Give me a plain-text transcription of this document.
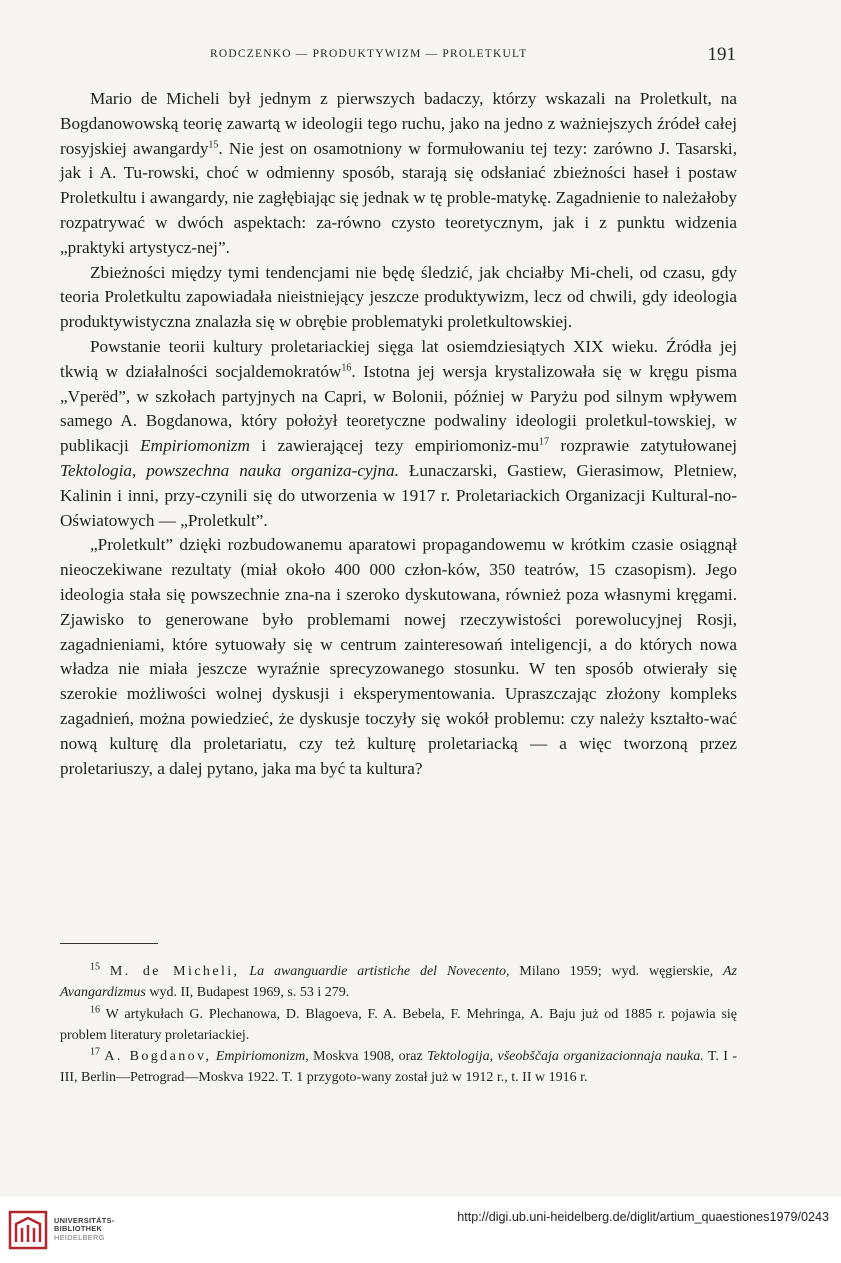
RODCZENKO — PRODUKTYWIZM — PROLETKULT	191

Mario de Micheli był jednym z pierwszych badaczy, którzy wskazali na Proletkult, na Bogdanowowską teorię zawartą w ideologii tego ruchu, jako na jedno z ważniejszych źródeł całej rosyjskiej awangardy$^{15}$. Nie jest on osamotniony w formułowaniu tej tezy: zarówno J. Tasarski, jak i A. Tu-rowski, choć w odmienny sposób, starają się odsłaniać zbieżności haseł i postaw Proletkultu i awangardy, nie zagłębiając się jednak w tę proble-matykę. Zagadnienie to należałoby rozpatrywać w dwóch aspektach: za-równo czysto teoretycznym, jak i z punktu widzenia „praktyki artystycz-nej”.

Zbieżności między tymi tendencjami nie będę śledzić, jak chciałby Mi-cheli, od czasu, gdy teoria Proletkultu zapowiadała nieistniejący jeszcze produktywizm, lecz od chwili, gdy ideologia produktywistyczna znalazła się w obrębie problematyki proletkultowskiej.

Powstanie teorii kultury proletariackiej sięga lat osiemdziesiątych XIX wieku. Źródła jej tkwią w działalności socjaldemokratów$^{16}$. Istotna jej wersja krystalizowała się w kręgu pisma „Vperëd”, w szkołach partyjnych na Capri, w Bolonii, później w Paryżu pod silnym wpływem samego A. Bogdanowa, który położył teoretyczne podwaliny ideologii proletkul-towskiej, w publikacji Empiriomonizm i zawierającej tezy empiriomoniz-$mu^{17}$ rozprawie zatytułowanej Tektologia, powszechna nauka organiza-cyjna. Łunaczarski, Gastiew, Gierasimow, Pletniew, Kalinin i inni, przy-czynili się do utworzenia w 1917 r. Proletariackich Organizacji Kultural-no-Oświatowych — „Proletkult”.

„Proletkult” dzięki rozbudowanemu aparatowi propagandowemu w krótkim czasie osiągnął nieoczekiwane rezultaty (miał około 400 000 człon-ków, 350 teatrów, 15 czasopism). Jego ideologia stała się powszechnie zna-na i szeroko dyskutowana, również poza własnymi kręgami. Zjawisko to generowane było problemami nowej rzeczywistości porewolucyjnej Rosji, zagadnieniami, które sytuowały się w centrum zainteresowań inteligencji, a do których nowa władza nie miała jeszcze wyraźnie sprecyzowanego stosunku. W ten sposób otwierały się szerokie możliwości wolnej dyskusji i eksperymentowania. Upraszczając złożony kompleks zagadnień, można powiedzieć, że dyskusje toczyły się wokół problemu: czy należy kształto-wać nową kulturę dla proletariatu, czy też kulturę proletariacką — a więc tworzoną przez proletariuszy, a dalej pytano, jaka ma być ta kultura?

$^{15}$ M. de Micheli, La awanguardie artistiche del Novecento, Milano 1959; wyd. węgierskie, Az Avangardizmus wyd. II, Budapest 1969, s. 53 i 279.

$^{16}$ W artykułach G. Plechanowa, D. Blagoeva, F. A. Bebela, F. Mehringa, A. Baju już od 1885 r. pojawia się problem literatury proletariackiej.

$^{17}$ A. Bogdanov, Empiriomonizm, Moskva 1908, oraz Tektologija, všeobščaja organizacionnaja nauka. T. I - III, Berlin—Petrograd—Moskva 1922. T. 1 przygoto-wany został już w 1912 r., t. II w 1916 r.

UNIVERSITÄTS-
BIBLIOTHEK
HEIDELBERG
http://digi.ub.uni-heidelberg.de/diglit/artium_quaestiones1979/0243
